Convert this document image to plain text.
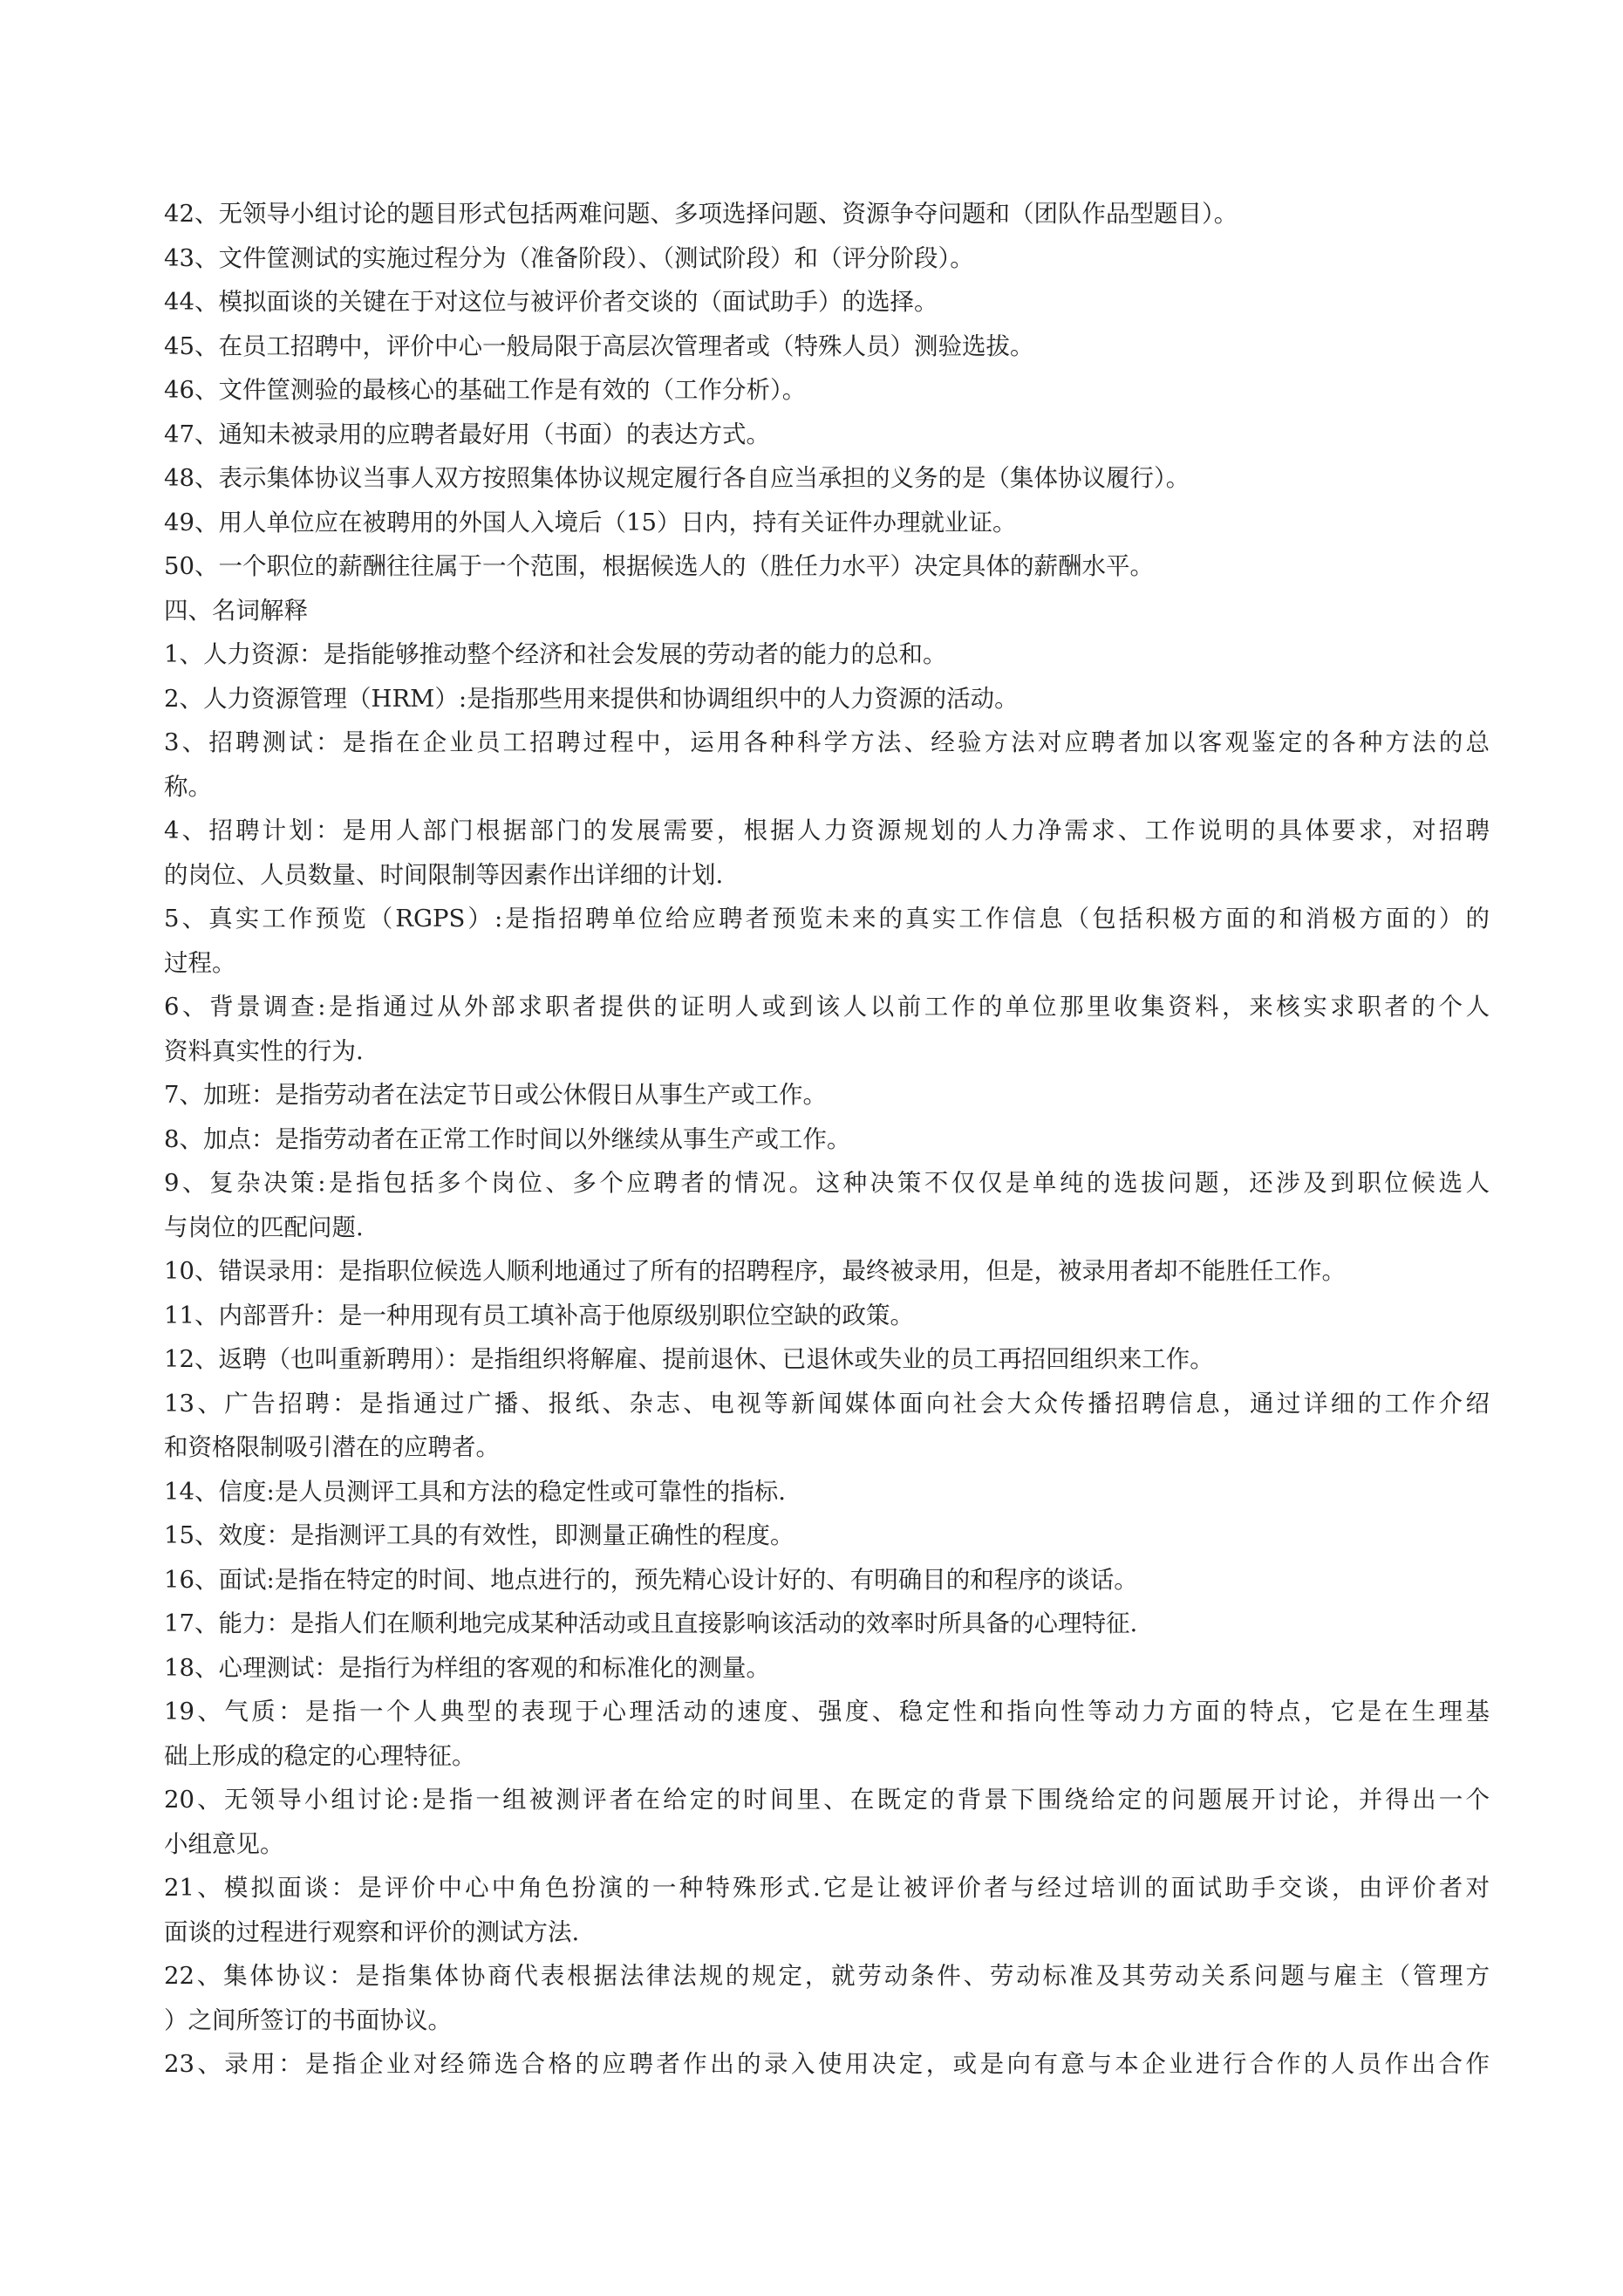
42、无领导小组讨论的题目形式包括两难问题、多项选择问题、资源争夺问题和（团队作品型题目）。
43、文件筐测试的实施过程分为（准备阶段）、（测试阶段）和（评分阶段）。
44、模拟面谈的关键在于对这位与被评价者交谈的（面试助手）的选择。
45、在员工招聘中，评价中心一般局限于高层次管理者或（特殊人员）测验选拔。
46、文件筐测验的最核心的基础工作是有效的（工作分析）。
47、通知未被录用的应聘者最好用（书面）的表达方式。
48、表示集体协议当事人双方按照集体协议规定履行各自应当承担的义务的是（集体协议履行）。
49、用人单位应在被聘用的外国人入境后（15）日内，持有关证件办理就业证。
50、一个职位的薪酬往往属于一个范围，根据候选人的（胜任力水平）决定具体的薪酬水平。
四、名词解释
1、人力资源：是指能够推动整个经济和社会发展的劳动者的能力的总和。
2、人力资源管理（HRM）:是指那些用来提供和协调组织中的人力资源的活动。
3、招聘测试：是指在企业员工招聘过程中，运用各种科学方法、经验方法对应聘者加以客观鉴定的各种方法的总
称。
4、招聘计划：是用人部门根据部门的发展需要，根据人力资源规划的人力净需求、工作说明的具体要求，对招聘
的岗位、人员数量、时间限制等因素作出详细的计划.
5、真实工作预览（RGPS）:是指招聘单位给应聘者预览未来的真实工作信息（包括积极方面的和消极方面的）的
过程。
6、背景调查:是指通过从外部求职者提供的证明人或到该人以前工作的单位那里收集资料，来核实求职者的个人
资料真实性的行为.
7、加班：是指劳动者在法定节日或公休假日从事生产或工作。
8、加点：是指劳动者在正常工作时间以外继续从事生产或工作。
9、复杂决策:是指包括多个岗位、多个应聘者的情况。这种决策不仅仅是单纯的选拔问题，还涉及到职位候选人
与岗位的匹配问题.
10、错误录用：是指职位候选人顺利地通过了所有的招聘程序，最终被录用，但是，被录用者却不能胜任工作。
11、内部晋升：是一种用现有员工填补高于他原级别职位空缺的政策。
12、返聘（也叫重新聘用）：是指组织将解雇、提前退休、已退休或失业的员工再招回组织来工作。
13、广告招聘：是指通过广播、报纸、杂志、电视等新闻媒体面向社会大众传播招聘信息，通过详细的工作介绍
和资格限制吸引潜在的应聘者。
14、信度:是人员测评工具和方法的稳定性或可靠性的指标.
15、效度：是指测评工具的有效性，即测量正确性的程度。
16、面试:是指在特定的时间、地点进行的，预先精心设计好的、有明确目的和程序的谈话。
17、能力：是指人们在顺利地完成某种活动或且直接影响该活动的效率时所具备的心理特征.
18、心理测试：是指行为样组的客观的和标准化的测量。
19、气质：是指一个人典型的表现于心理活动的速度、强度、稳定性和指向性等动力方面的特点，它是在生理基
础上形成的稳定的心理特征。
20、无领导小组讨论:是指一组被测评者在给定的时间里、在既定的背景下围绕给定的问题展开讨论，并得出一个
小组意见。
21、模拟面谈：是评价中心中角色扮演的一种特殊形式.它是让被评价者与经过培训的面试助手交谈，由评价者对
面谈的过程进行观察和评价的测试方法.
22、集体协议：是指集体协商代表根据法律法规的规定，就劳动条件、劳动标准及其劳动关系问题与雇主（管理方
）之间所签订的书面协议。
23、录用：是指企业对经筛选合格的应聘者作出的录入使用决定，或是向有意与本企业进行合作的人员作出合作
